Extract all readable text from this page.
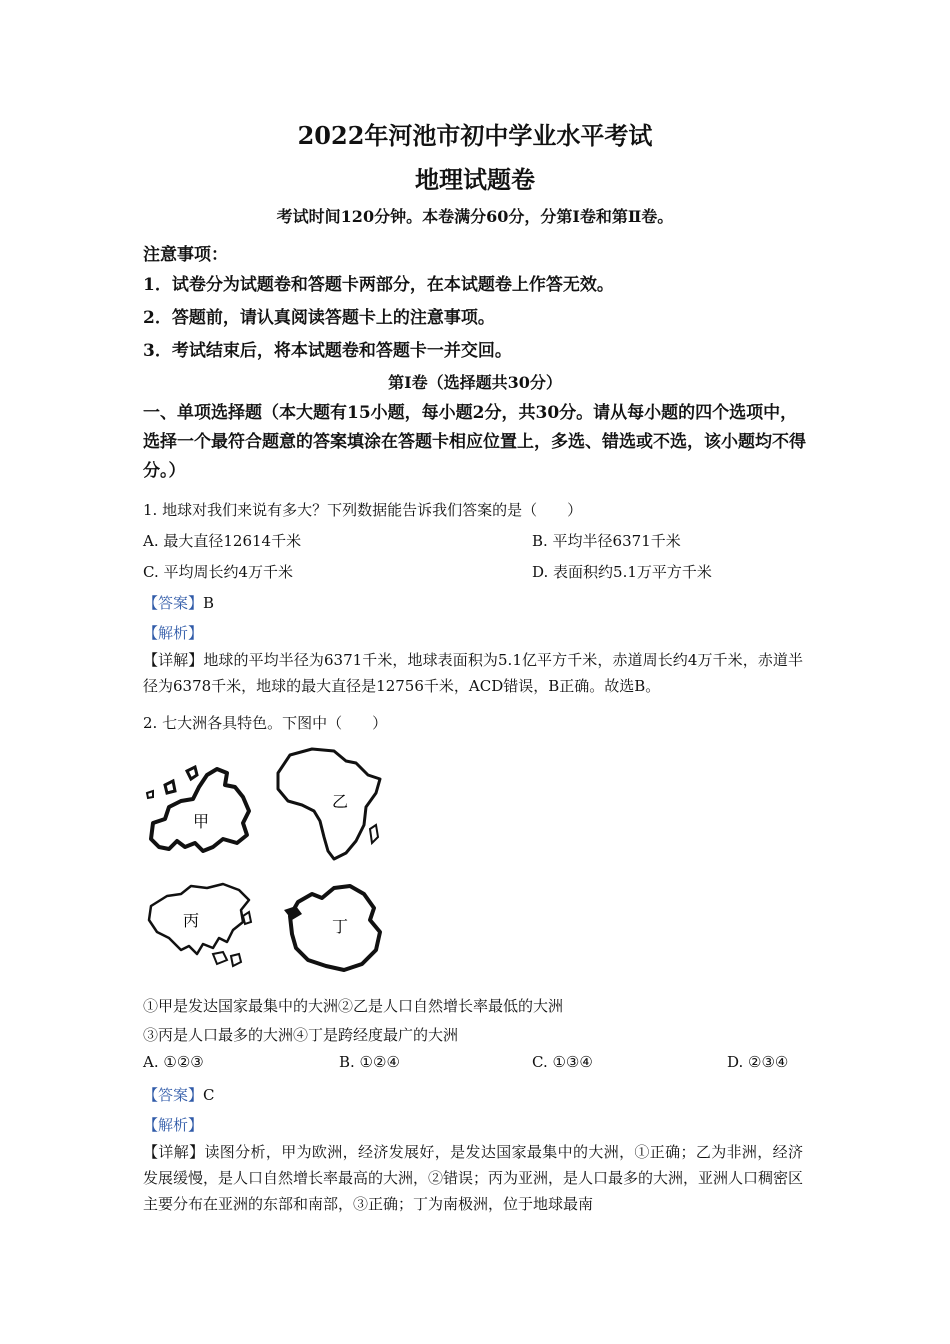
2022年河池市初中学业水平考试
地理试题卷
考试时间120分钟。本卷满分60分，分第Ⅰ卷和第Ⅱ卷。
注意事项：
1．试卷分为试题卷和答题卡两部分，在本试题卷上作答无效。
2．答题前，请认真阅读答题卡上的注意事项。
3．考试结束后，将本试题卷和答题卡一并交回。
第Ⅰ卷（选择题共30分）
一、单项选择题（本大题有15小题，每小题2分，共30分。请从每小题的四个选项中，选择一个最符合题意的答案填涂在答题卡相应位置上，多选、错选或不选，该小题均不得分。）
1. 地球对我们来说有多大？下列数据能告诉我们答案的是（　　）
A. 最大直径12614千米	B. 平均半径6371千米
C. 平均周长约4万千米	D. 表面积约5.1万平方千米
【答案】B
【解析】
【详解】地球的平均半径为6371千米，地球表面积为5.1亿平方千米，赤道周长约4万千米，赤道半径为6378千米，地球的最大直径是12756千米，ACD错误，B正确。故选B。
2. 七大洲各具特色。下图中（　　）
甲
乙
丙	丁
①甲是发达国家最集中的大洲②乙是人口自然增长率最低的大洲
③丙是人口最多的大洲④丁是跨经度最广的大洲
A. ①②③	B. ①②④	C. ①③④	D. ②③④
【答案】C
【解析】
【详解】读图分析，甲为欧洲，经济发展好，是发达国家最集中的大洲，①正确；乙为非洲，经济发展缓慢，是人口自然增长率最高的大洲，②错误；丙为亚洲，是人口最多的大洲，亚洲人口稠密区主要分布在亚洲的东部和南部，③正确；丁为南极洲，位于地球最南
